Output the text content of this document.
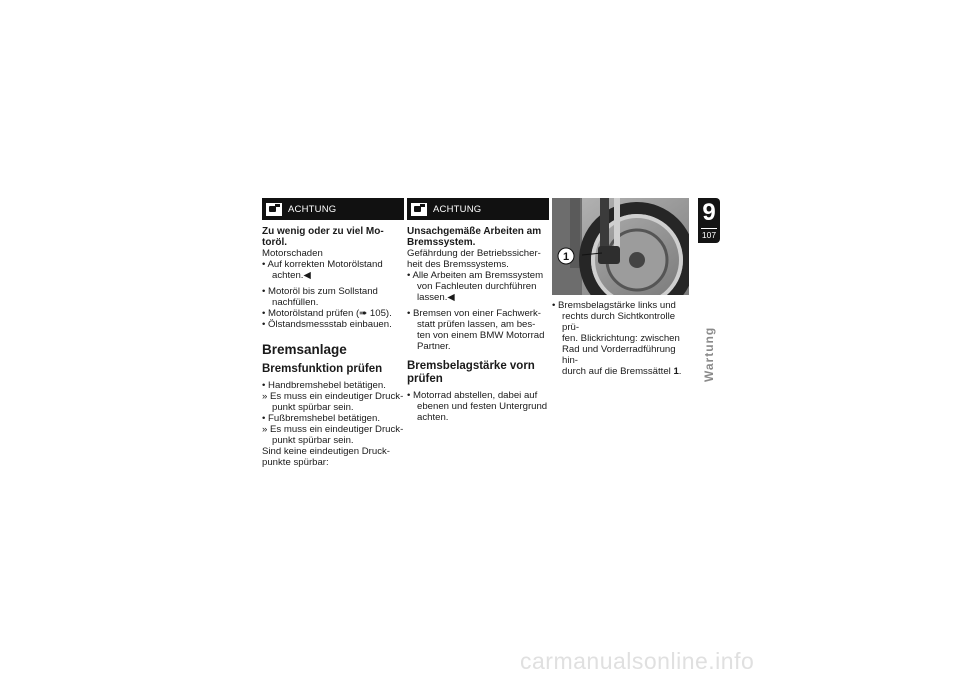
ACHTUNG
Zu wenig oder zu viel Mo-
toröl.
Motorschaden
• Auf korrekten Motorölstand
achten.◀
• Motoröl bis zum Sollstand
nachfüllen.
• Motorölstand prüfen (➠ 105).
• Ölstandsmessstab einbauen.
Bremsanlage
Bremsfunktion prüfen
• Handbremshebel betätigen.
» Es muss ein eindeutiger Druck-
punkt spürbar sein.
• Fußbremshebel betätigen.
» Es muss ein eindeutiger Druck-
punkt spürbar sein.
Sind keine eindeutigen Druck-
punkte spürbar:
ACHTUNG
Unsachgemäße Arbeiten am
Bremssystem.
Gefährdung der Betriebssicher-
heit des Bremssystems.
• Alle Arbeiten am Bremssystem
von Fachleuten durchführen
lassen.◀
• Bremsen von einer Fachwerk-
statt prüfen lassen, am bes-
ten von einem BMW Motorrad
Partner.
Bremsbelagstärke vorn
prüfen
• Motorrad abstellen, dabei auf
ebenen und festen Untergrund
achten.
1
• Bremsbelagstärke links und
rechts durch Sichtkontrolle prü-
fen. Blickrichtung: zwischen
Rad und Vorderradführung hin-
durch auf die Bremssättel 1.
9
107
Wartung
carmanualsonline.info
